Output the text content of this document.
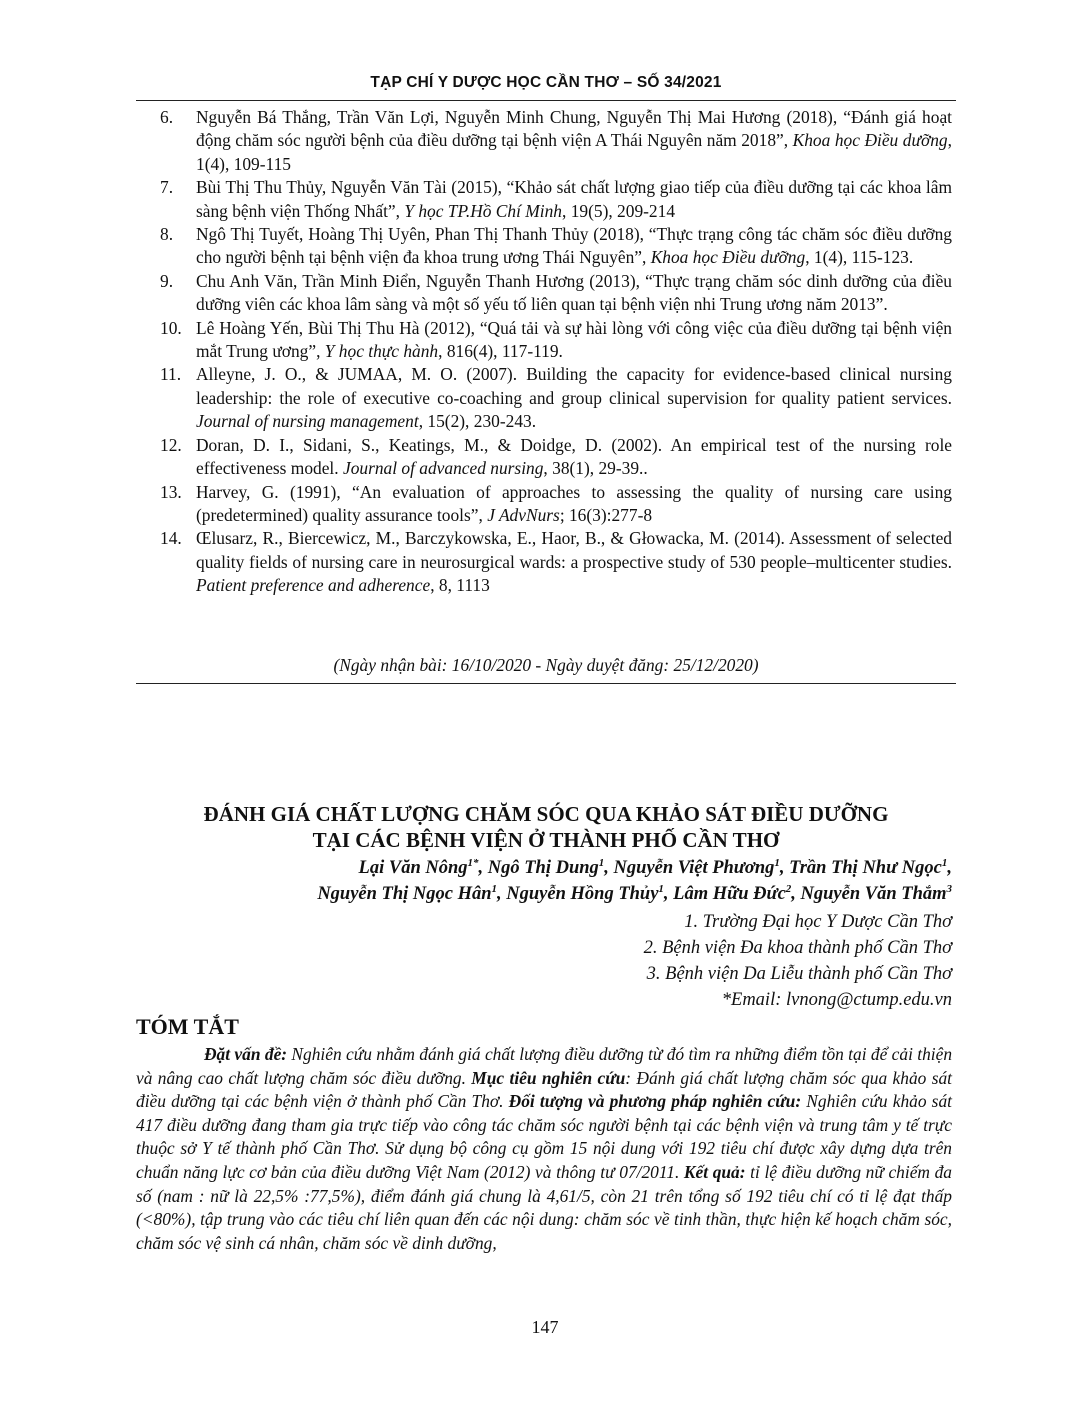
TẠP CHÍ Y DƯỢC HỌC CẦN THƠ – SỐ 34/2021
6.	Nguyễn Bá Thắng, Trần Văn Lợi, Nguyễn Minh Chung, Nguyễn Thị Mai Hương (2018), “Đánh giá hoạt động chăm sóc người bệnh của điều dưỡng tại bệnh viện A Thái Nguyên năm 2018”, Khoa học Điều dưỡng, 1(4), 109-115
7.	Bùi Thị Thu Thủy, Nguyễn Văn Tài (2015), “Khảo sát chất lượng giao tiếp của điều dưỡng tại các khoa lâm sàng bệnh viện Thống Nhất”, Y học TP.Hồ Chí Minh, 19(5), 209-214
8.	Ngô Thị Tuyết, Hoàng Thị Uyên, Phan Thị Thanh Thủy (2018), “Thực trạng công tác chăm sóc điều dưỡng cho người bệnh tại bệnh viện đa khoa trung ương Thái Nguyên”, Khoa học Điều dưỡng, 1(4), 115-123.
9.	Chu Anh Văn, Trần Minh Điển, Nguyễn Thanh Hương (2013), “Thực trạng chăm sóc dinh dưỡng của điều dưỡng viên các khoa lâm sàng và một số yếu tố liên quan tại bệnh viện nhi Trung ương năm 2013”.
10. Lê Hoàng Yến, Bùi Thị Thu Hà (2012), “Quá tải và sự hài lòng với công việc của điều dưỡng tại bệnh viện mắt Trung ương”, Y học thực hành, 816(4), 117-119.
11. Alleyne, J. O., & JUMAA, M. O. (2007). Building the capacity for evidence-based clinical nursing leadership: the role of executive co-coaching and group clinical supervision for quality patient services. Journal of nursing management, 15(2), 230-243.
12. Doran, D. I., Sidani, S., Keatings, M., & Doidge, D. (2002). An empirical test of the nursing role effectiveness model. Journal of advanced nursing, 38(1), 29-39..
13. Harvey, G. (1991), “An evaluation of approaches to assessing the quality of nursing care using (predetermined) quality assurance tools”, J AdvNurs; 16(3):277-8
14. Œlusarz, R., Biercewicz, M., Barczykowska, E., Haor, B., & Głowacka, M. (2014). Assessment of selected quality fields of nursing care in neurosurgical wards: a prospective study of 530 people–multicenter studies. Patient preference and adherence, 8, 1113
(Ngày nhận bài: 16/10/2020 - Ngày duyệt đăng: 25/12/2020)
ĐÁNH GIÁ CHẤT LƯỢNG CHĂM SÓC QUA KHẢO SÁT ĐIỀU DƯỠNG
TẠI CÁC BỆNH VIỆN Ở THÀNH PHỐ CẦN THƠ
Lại Văn Nông$^{1*}$, Ngô Thị Dung$^1$, Nguyễn Việt Phương$^1$, Trần Thị Như Ngọc$^1$,
Nguyễn Thị Ngọc Hân$^1$, Nguyễn Hồng Thủy$^1$, Lâm Hữu Đức$^2$, Nguyễn Văn Thắm$^3$
1. Trường Đại học Y Dược Cần Thơ
2. Bệnh viện Đa khoa thành phố Cần Thơ
3. Bệnh viện Da Liễu thành phố Cần Thơ
*Email: lvnong@ctump.edu.vn
TÓM TẮT

Đặt vấn đề: Nghiên cứu nhằm đánh giá chất lượng điều dưỡng từ đó tìm ra những điểm tồn tại để cải thiện và nâng cao chất lượng chăm sóc điều dưỡng. Mục tiêu nghiên cứu: Đánh giá chất lượng chăm sóc qua khảo sát điều dưỡng tại các bệnh viện ở thành phố Cần Thơ. Đối tượng và phương pháp nghiên cứu: Nghiên cứu khảo sát 417 điều dưỡng đang tham gia trực tiếp vào công tác chăm sóc người bệnh tại các bệnh viện và trung tâm y tế trực thuộc sở Y tế thành phố Cần Thơ. Sử dụng bộ công cụ gồm 15 nội dung với 192 tiêu chí được xây dựng dựa trên chuẩn năng lực cơ bản của điều dưỡng Việt Nam (2012) và thông tư 07/2011. Kết quả: tỉ lệ điều dưỡng nữ chiếm đa số (nam : nữ là 22,5% :77,5%), điểm đánh giá chung là 4,61/5, còn 21 trên tổng số 192 tiêu chí có tỉ lệ đạt thấp (<80%), tập trung vào các tiêu chí liên quan đến các nội dung: chăm sóc về tinh thần, thực hiện kế hoạch chăm sóc, chăm sóc vệ sinh cá nhân, chăm sóc về dinh dưỡng,

147
